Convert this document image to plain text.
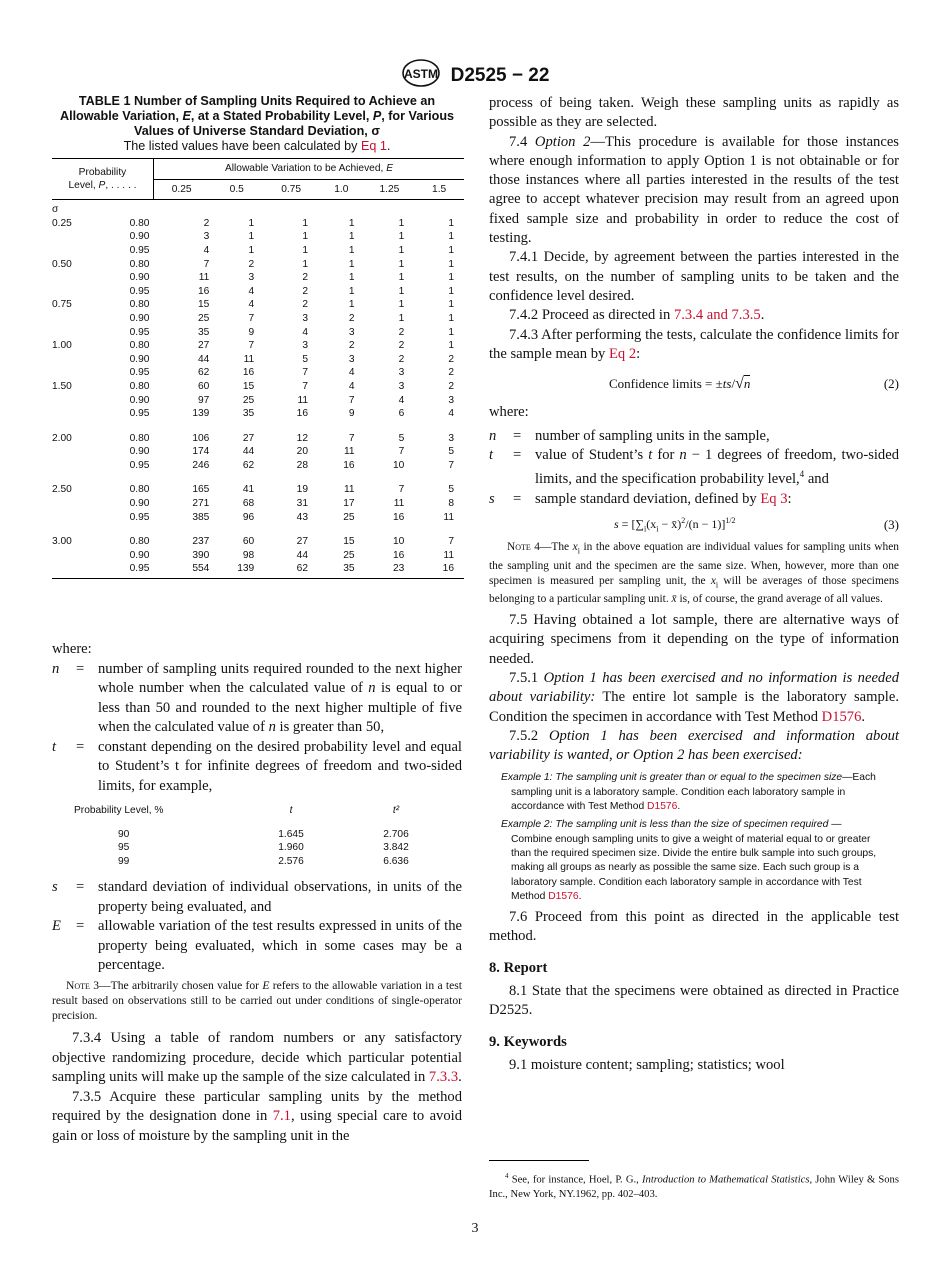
ASTM D2525 − 22
TABLE 1 Number of Sampling Units Required to Achieve an Allowable Variation, E, at a Stated Probability Level, P, for Various Values of Universe Standard Deviation, σ
The listed values have been calculated by Eq 1.
Probability
Level, P, . . . . .		Allowable Variation to be Achieved, E					
		0.25	0.5	0.75	1.0	1.25	1.5
σ							
0.25	0.80	2	1	1	1	1	1
	0.90	3	1	1	1	1	1
	0.95	4	1	1	1	1	1
0.50	0.80	7	2	1	1	1	1
	0.90	11	3	2	1	1	1
	0.95	16	4	2	1	1	1
0.75	0.80	15	4	2	1	1	1
	0.90	25	7	3	2	1	1
	0.95	35	9	4	3	2	1
1.00	0.80	27	7	3	2	2	1
	0.90	44	11	5	3	2	2
	0.95	62	16	7	4	3	2
1.50	0.80	60	15	7	4	3	2
	0.90	97	25	11	7	4	3
	0.95	139	35	16	9	6	4

2.00	0.80	106	27	12	7	5	3
	0.90	174	44	20	11	7	5
	0.95	246	62	28	16	10	7

2.50	0.80	165	41	19	11	7	5
	0.90	271	68	31	17	11	8
	0.95	385	96	43	25	16	11

3.00	0.80	237	60	27	15	10	7
	0.90	390	98	44	25	16	11
	0.95	554	139	62	35	23	16
where:
n	= number of sampling units required rounded to the next higher whole number when the calculated value of n is equal to or less than 50 and rounded to the next higher multiple of five when the calculated value of n is greater than 50,
t	= constant depending on the desired probability level and equal to Student’s t for infinite degrees of freedom and two-sided limits, for example,
Probability Level, %	t	t²

90	1.645	2.706
95	1.960	3.842
99	2.576	6.636
s	= standard deviation of individual observations, in units of the property being evaluated, and
E	= allowable variation of the test results expressed in units of the property being evaluated, which in some cases may be a percentage.
Note 3—The arbitrarily chosen value for E refers to the allowable variation in a test result based on observations still to be carried out under conditions of single-operator precision.
7.3.4 Using a table of random numbers or any satisfactory objective randomizing procedure, decide which particular potential sampling units will make up the sample of the size calculated in 7.3.3.
7.3.5 Acquire these particular sampling units by the method required by the designation done in 7.1, using special care to avoid gain or loss of moisture by the sampling unit in the
process of being taken. Weigh these sampling units as rapidly as possible as they are selected.
7.4 Option 2—This procedure is available for those instances where enough information to apply Option 1 is not obtainable or for those instances where all parties interested in the results of the test agree to accept whatever precision may result from an agreed upon fixed sample size and probability in order to reduce the cost of testing.
7.4.1 Decide, by agreement between the parties interested in the test results, on the number of sampling units to be taken and the confidence level desired.
7.4.2 Proceed as directed in 7.3.4 and 7.3.5.
7.4.3 After performing the tests, calculate the confidence limits for the sample mean by Eq 2:
Confidence limits = ±ts/√n	(2)
where:
n	= number of sampling units in the sample,
t	= value of Student’s t for n − 1 degrees of freedom, two-sided limits, and the specification probability level,$^4$ and
s	= sample standard deviation, defined by Eq 3:
$s = [\sum_i(x_i$ − x̄)$^2$/(n − 1)]$^{1/2}$	(3)
Note 4—The $x_i$ in the above equation are individual values for sampling units when the sampling unit and the specimen are the same size. When, however, more than one specimen is measured per sampling unit, the $x_i$ will be averages of those specimens belonging to a particular sampling unit. x̄ is, of course, the grand average of all values.
7.5 Having obtained a lot sample, there are alternative ways of acquiring specimens from it depending on the type of information needed.
7.5.1 Option 1 has been exercised and no information is needed about variability: The entire lot sample is the laboratory sample. Condition the specimen in accordance with Test Method D1576.
7.5.2 Option 1 has been exercised and information about variability is wanted, or Option 2 has been exercised:
Example 1: The sampling unit is greater than or equal to the specimen size—Each sampling unit is a laboratory sample. Condition each laboratory sample in accordance with Test Method D1576.
Example 2: The sampling unit is less than the size of specimen required —Combine enough sampling units to give a weight of material equal to or greater than the required specimen size. Divide the entire bulk sample into such groups, making all groups as nearly as possible the same size. Each such group is a laboratory sample. Condition each laboratory sample in accordance with Test Method D1576.
7.6 Proceed from this point as directed in the applicable test method.
8. Report
8.1 State that the specimens were obtained as directed in Practice D2525.
9. Keywords
9.1 moisture content; sampling; statistics; wool
$^4$ See, for instance, Hoel, P. G., Introduction to Mathematical Statistics, John Wiley & Sons Inc., New York, NY.1962, pp. 402–403.
3
